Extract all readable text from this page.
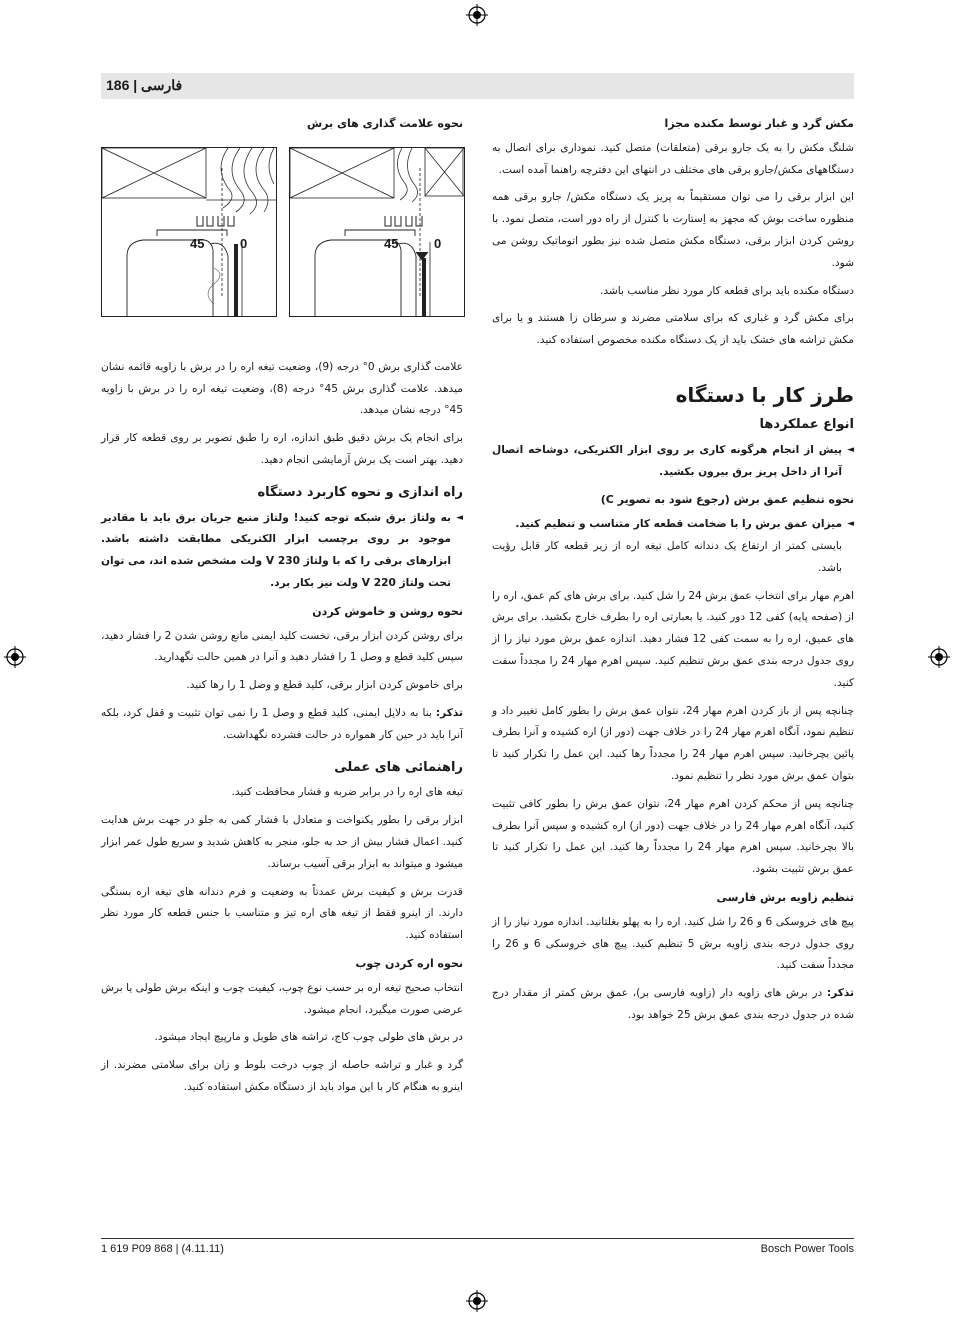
فارسی | 186
مکش گرد و غبار توسط مکنده مجزا

شلنگ مکش را به یک جارو برقی (متعلقات) متصل کنید. نموداری برای اتصال به دستگاههای مکش/جارو برقی های مختلف در انتهای این دفترچه راهنما آمده است.

این ابزار برقی را می توان مستقیماً به پریز یک دستگاه مکش/ جارو برقی همه منظوره ساخت بوش که مجهز به اِستارت با کنترل از راه دور است، متصل نمود. با روشن کردن ابزار برقی، دستگاه مکش متصل شده نیز بطور اتوماتیک روشن می شود.

دستگاه مکنده باید برای قطعه کار مورد نظر مناسب باشد.

برای مکش گرد و غباری که برای سلامتی مضرند و سرطان زا هستند و یا برای مکش تراشه های خشک باید از یک دستگاه مکنده مخصوص استفاده کنید.

طرز کار با دستگاه
انواع عملکردها
◄ پیش از انجام هرگونه کاری بر روی ابزار الکتریکی، دوشاخه اتصال آنرا از داخل پریز برق بیرون بکشید.
نحوه تنظیم عمق برش (رجوع شود به تصویر C)
◄ میزان عمق برش را با ضخامت قطعه کار متناسب و تنظیم کنید.

بایستی کمتر از ارتفاع یک دندانه کامل تیغه اره از زیر قطعه کار قابل رؤیت باشد.

اهرم مهار برای انتخاب عمق برش 24 را شل کنید. برای برش های کم عمق، اره را از (صفحه پایه) کفی 12 دور کنید. یا بعبارتی اره را بطرف خارج بکشید. برای برش های عمیق، اره را به سمت کفی 12 فشار دهید. اندازه عمق برش مورد نیاز را از روی جدول درجه بندی عمق برش تنظیم کنید. سپس اهرم مهار 24 را مجدداً سفت کنید.

چنانچه پس از باز کردن اهرم مهار 24، نتوان عمق برش را بطور کامل تغییر داد و تنظیم نمود، آنگاه اهرم مهار 24 را در خلاف جهت (دور از) اره کشیده و آنرا بطرف پائین بچرخانید. سپس اهرم مهار 24 را مجدداً رها کنید. این عمل را تکرار کنید تا بتوان عمق برش مورد نظر را تنظیم نمود.

چنانچه پس از محکم کردن اهرم مهار 24، نتوان عمق برش را بطور کافی تثبیت کنید، آنگاه اهرم مهار 24 را در خلاف جهت (دور از) اره کشیده و سپس آنرا بطرف بالا بچرخانید. سپس اهرم مهار 24 را مجدداً رها کنید. این عمل را تکرار کنید تا عمق برش تثبیت بشود.

تنظیم زاویه برش فارسی

پیچ های خروسکی 6 و 26 را شل کنید. اره را به پهلو بغلتانید. اندازه مورد نیاز را از روی جدول درجه بندی زاویه برش 5 تنظیم کنید. پیچ های خروسکی 6 و 26 را مجدداً سفت کنید.

تذکر: در برش های زاویه دار (زاویه فارسی بر)، عمق برش کمتر از مقدار درج شده در جدول درجه بندی عمق برش 25 خواهد بود.

نحوه علامت گذاری های برش
45	0	45	0

علامت گذاری برش 0° درجه (9)، وضعیت تیغه اره را در برش با زاویه قائمه نشان میدهد. علامت گذاری برش 45° درجه (8)، وضعیت تیغه اره را در برش با زاویه 45° درجه نشان میدهد.

برای انجام یک برش دقیق طبق اندازه، اره را طبق تصویر بر روی قطعه کار قرار دهید. بهتر است یک برش آزمایشی انجام دهید.

راه اندازی و نحوه کاربرد دستگاه
◄ به ولتاژ برق شبکه توجه کنید! ولتاژ منبع جریان برق باید با مقادیر موجود بر روی برچسب ابزار الکتریکی مطابقت داشته باشد. ابزارهای برقی را که با ولتاژ 230 V ولت مشخص شده اند، می توان تحت ولتاژ 220 V ولت نیز بکار برد.
نحوه روشن و خاموش کردن

برای روشن کردن ابزار برقی، نخست کلید ایمنی مانع روشن شدن 2 را فشار دهید، سپس کلید قطع و وصل 1 را فشار دهید و آنرا در همین حالت نگهدارید.

برای خاموش کردن ابزار برقی، کلید قطع و وصل 1 را رها کنید.

تذکر: بنا به دلایل ایمنی، کلید قطع و وصل 1 را نمی توان تثبیت و قفل کرد، بلکه آنرا باید در حین کار همواره در حالت فشرده نگهداشت.

راهنمائی های عملی

تیغه های اره را در برابر ضربه و فشار محافظت کنید.

ابزار برقی را بطور یکنواخت و متعادل با فشار کمی به جلو در جهت برش هدایت کنید. اعمال فشار بیش از حد به جلو، منجر به کاهش شدید و سریع طول عمر ابزار میشود و میتواند به ابزار برقی آسیب برساند.

قدرت برش و کیفیت برش عمدتاً به وضعیت و فرم دندانه های تیغه اره بستگی دارند. از اینرو فقط از تیغه های اره تیز و متناسب با جنس قطعه کار مورد نظر استفاده کنید.

نحوه اره کردن چوب

انتخاب صحیح تیغه اره بر حسب نوع چوب، کیفیت چوب و اینکه برش طولی یا برش عرضی صورت میگیرد، انجام میشود.

در برش های طولی چوب کاج، تراشه های طویل و مارپیچ ایجاد میشود.

گرد و غبار و تراشه حاصله از چوب درخت بلوط و زان برای سلامتی مضرند. از اینرو به هنگام کار با این مواد باید از دستگاه مکش استفاده کنید.

1 619 P09 868 | (4.11.11)	Bosch Power Tools
